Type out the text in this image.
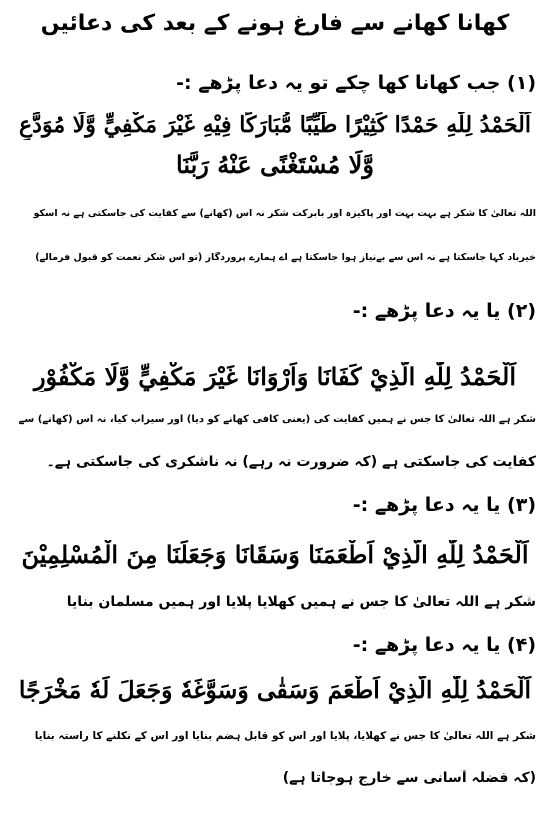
کھانا کھانے سے فارغ ہونے کے بعد کی دعائیں
(۱) جب کھانا کھا چکے تو یہ دعا پڑھے :-
اَلْحَمْدُ لِلّٰهِ حَمْدًا كَثِيْرًا طَيِّبًا مُّبَارَكًا فِيْهِ غَيْرَ مَكْفِيٍّ وَّلَا مُوَدَّعٍ
وَّلَا مُسْتَغْنًى عَنْهُ رَبَّنَا
اللہ تعالیٰ کا شکر ہے بہت بہت اور پاکیزہ اور بابرکت شکر نہ اس (کھانے) سے کفایت کی جاسکتی ہے نہ اسکو
خیرباد کہا جاسکتا ہے نہ اس سے بےنیاز ہوا جاسکتا ہے اے ہمارے پروردگار (تو اس شکر نعمت کو قبول فرمالے)
(۲) یا یہ دعا پڑھے :-
اَلْحَمْدُ لِلّٰهِ الَّذِيْ كَفَانَا وَاَرْوَانَا غَيْرَ مَكْفِيٍّ وَّلَا مَكْفُوْرٍ
شکر ہے اللہ تعالیٰ کا جس نے ہمیں کفایت کی (یعنی کافی کھانے کو دیا) اور سیراب کیا، نہ اس (کھانے) سے
کفایت کی جاسکتی ہے (کہ ضرورت نہ رہے) نہ ناشکری کی جاسکتی ہے۔
(۳) یا یہ دعا پڑھے :-
اَلْحَمْدُ لِلّٰهِ الَّذِيْ اَطْعَمَنَا وَسَقَانَا وَجَعَلَنَا مِنَ الْمُسْلِمِيْنَ
شکر ہے اللہ تعالیٰ کا جس نے ہمیں کھلایا پلایا اور ہمیں مسلمان بنایا
(۴) یا یہ دعا پڑھے :-
اَلْحَمْدُ لِلّٰهِ الَّذِيْ اَطْعَمَ وَسَقٰى وَسَوَّغَهٗ وَجَعَلَ لَهٗ مَخْرَجًا
شکر ہے اللہ تعالیٰ کا جس نے کھلایا، پلایا اور اس کو قابل ہضم بنایا اور اس کے نکلنے کا راستہ بنایا
(کہ فضلہ آسانی سے خارج ہوجاتا ہے)
